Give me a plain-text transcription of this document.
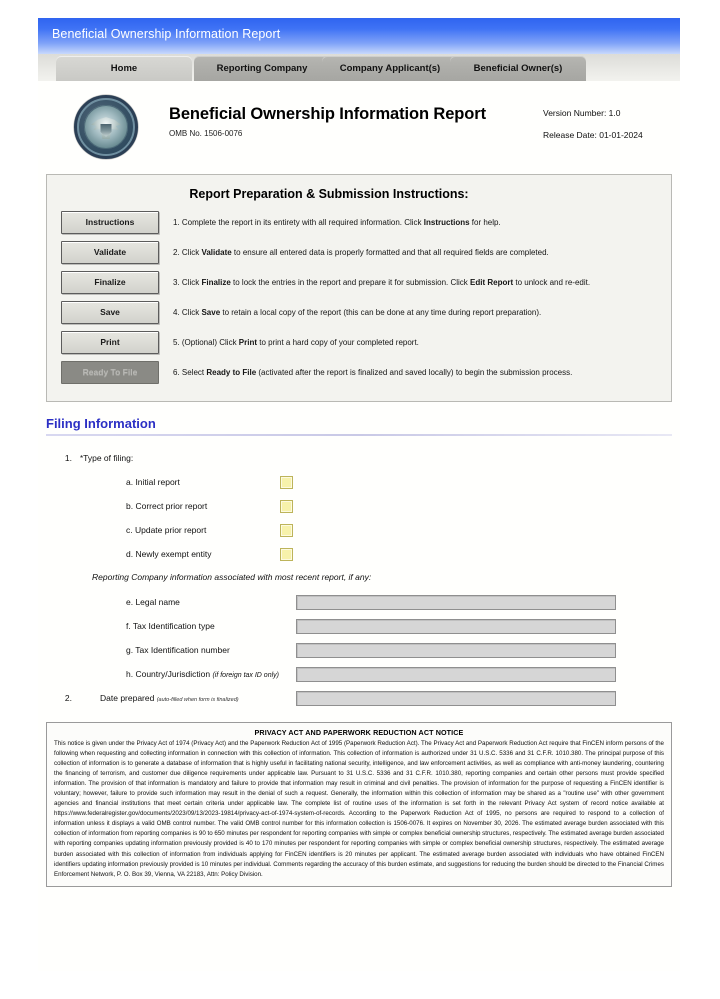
Beneficial Ownership Information Report
Home	Reporting Company	Company Applicant(s)	Beneficial Owner(s)
Beneficial Ownership Information Report
OMB No. 1506-0076
Version Number: 1.0
Release Date: 01-01-2024
Report Preparation & Submission Instructions:
Instructions	1. Complete the report in its entirety with all required information. Click Instructions for help.
Validate	2. Click Validate to ensure all entered data is properly formatted and that all required fields are completed.
Finalize	3. Click Finalize to lock the entries in the report and prepare it for submission. Click Edit Report to unlock and re-edit.
Save	4. Click Save to retain a local copy of the report (this can be done at any time during report preparation).
Print	5. (Optional) Click Print to print a hard copy of your completed report.
Ready To File	6. Select Ready to File (activated after the report is finalized and saved locally) to begin the submission process.
Filing Information
1.	*Type of filing:
a. Initial report
b. Correct prior report
c. Update prior report
d. Newly exempt entity
Reporting Company information associated with most recent report, if any:
e. Legal name
f. Tax Identification type
g. Tax Identification number
h. Country/Jurisdiction (if foreign tax ID only)
2.	Date prepared (auto-filled when form is finalized)
PRIVACY ACT AND PAPERWORK REDUCTION ACT NOTICE
This notice is given under the Privacy Act of 1974 (Privacy Act) and the Paperwork Reduction Act of 1995 (Paperwork Reduction Act). The Privacy Act and Paperwork Reduction Act require that FinCEN inform persons of the following when requesting and collecting information in connection with this collection of information. This collection of information is authorized under 31 U.S.C. 5336 and 31 C.F.R. 1010.380. The principal purpose of this collection of information is to generate a database of information that is highly useful in facilitating national security, intelligence, and law enforcement activities, as well as compliance with anti-money laundering, countering the financing of terrorism, and customer due diligence requirements under applicable law. Pursuant to 31 U.S.C. 5336 and 31 C.F.R. 1010.380, reporting companies and certain other persons must provide specified information. The provision of that information is mandatory and failure to provide that information may result in criminal and civil penalties. The provision of information for the purpose of requesting a FinCEN identifier is voluntary; however, failure to provide such information may result in the denial of such a request. Generally, the information within this collection of information may be shared as a "routine use" with other government agencies and financial institutions that meet certain criteria under applicable law. The complete list of routine uses of the information is set forth in the relevant Privacy Act system of record notice available at https://www.federalregister.gov/documents/2023/09/13/2023-19814/privacy-act-of-1974-system-of-records. According to the Paperwork Reduction Act of 1995, no persons are required to respond to a collection of information unless it displays a valid OMB control number. The valid OMB control number for this information collection is 1506-0076. It expires on November 30, 2026. The estimated average burden associated with this collection of information from reporting companies is 90 to 650 minutes per respondent for reporting companies with simple or complex beneficial ownership structures, respectively. The estimated average burden associated with reporting companies updating information previously provided is 40 to 170 minutes per respondent for reporting companies with simple or complex beneficial ownership structures, respectively. The estimated average burden associated with this collection of information from individuals applying for FinCEN identifiers is 20 minutes per applicant. The estimated average burden associated with individuals who have obtained FinCEN identifiers updating information previously provided is 10 minutes per individual. Comments regarding the accuracy of this burden estimate, and suggestions for reducing the burden should be directed to the Financial Crimes Enforcement Network, P. O. Box 39, Vienna, VA 22183, Attn: Policy Division.
